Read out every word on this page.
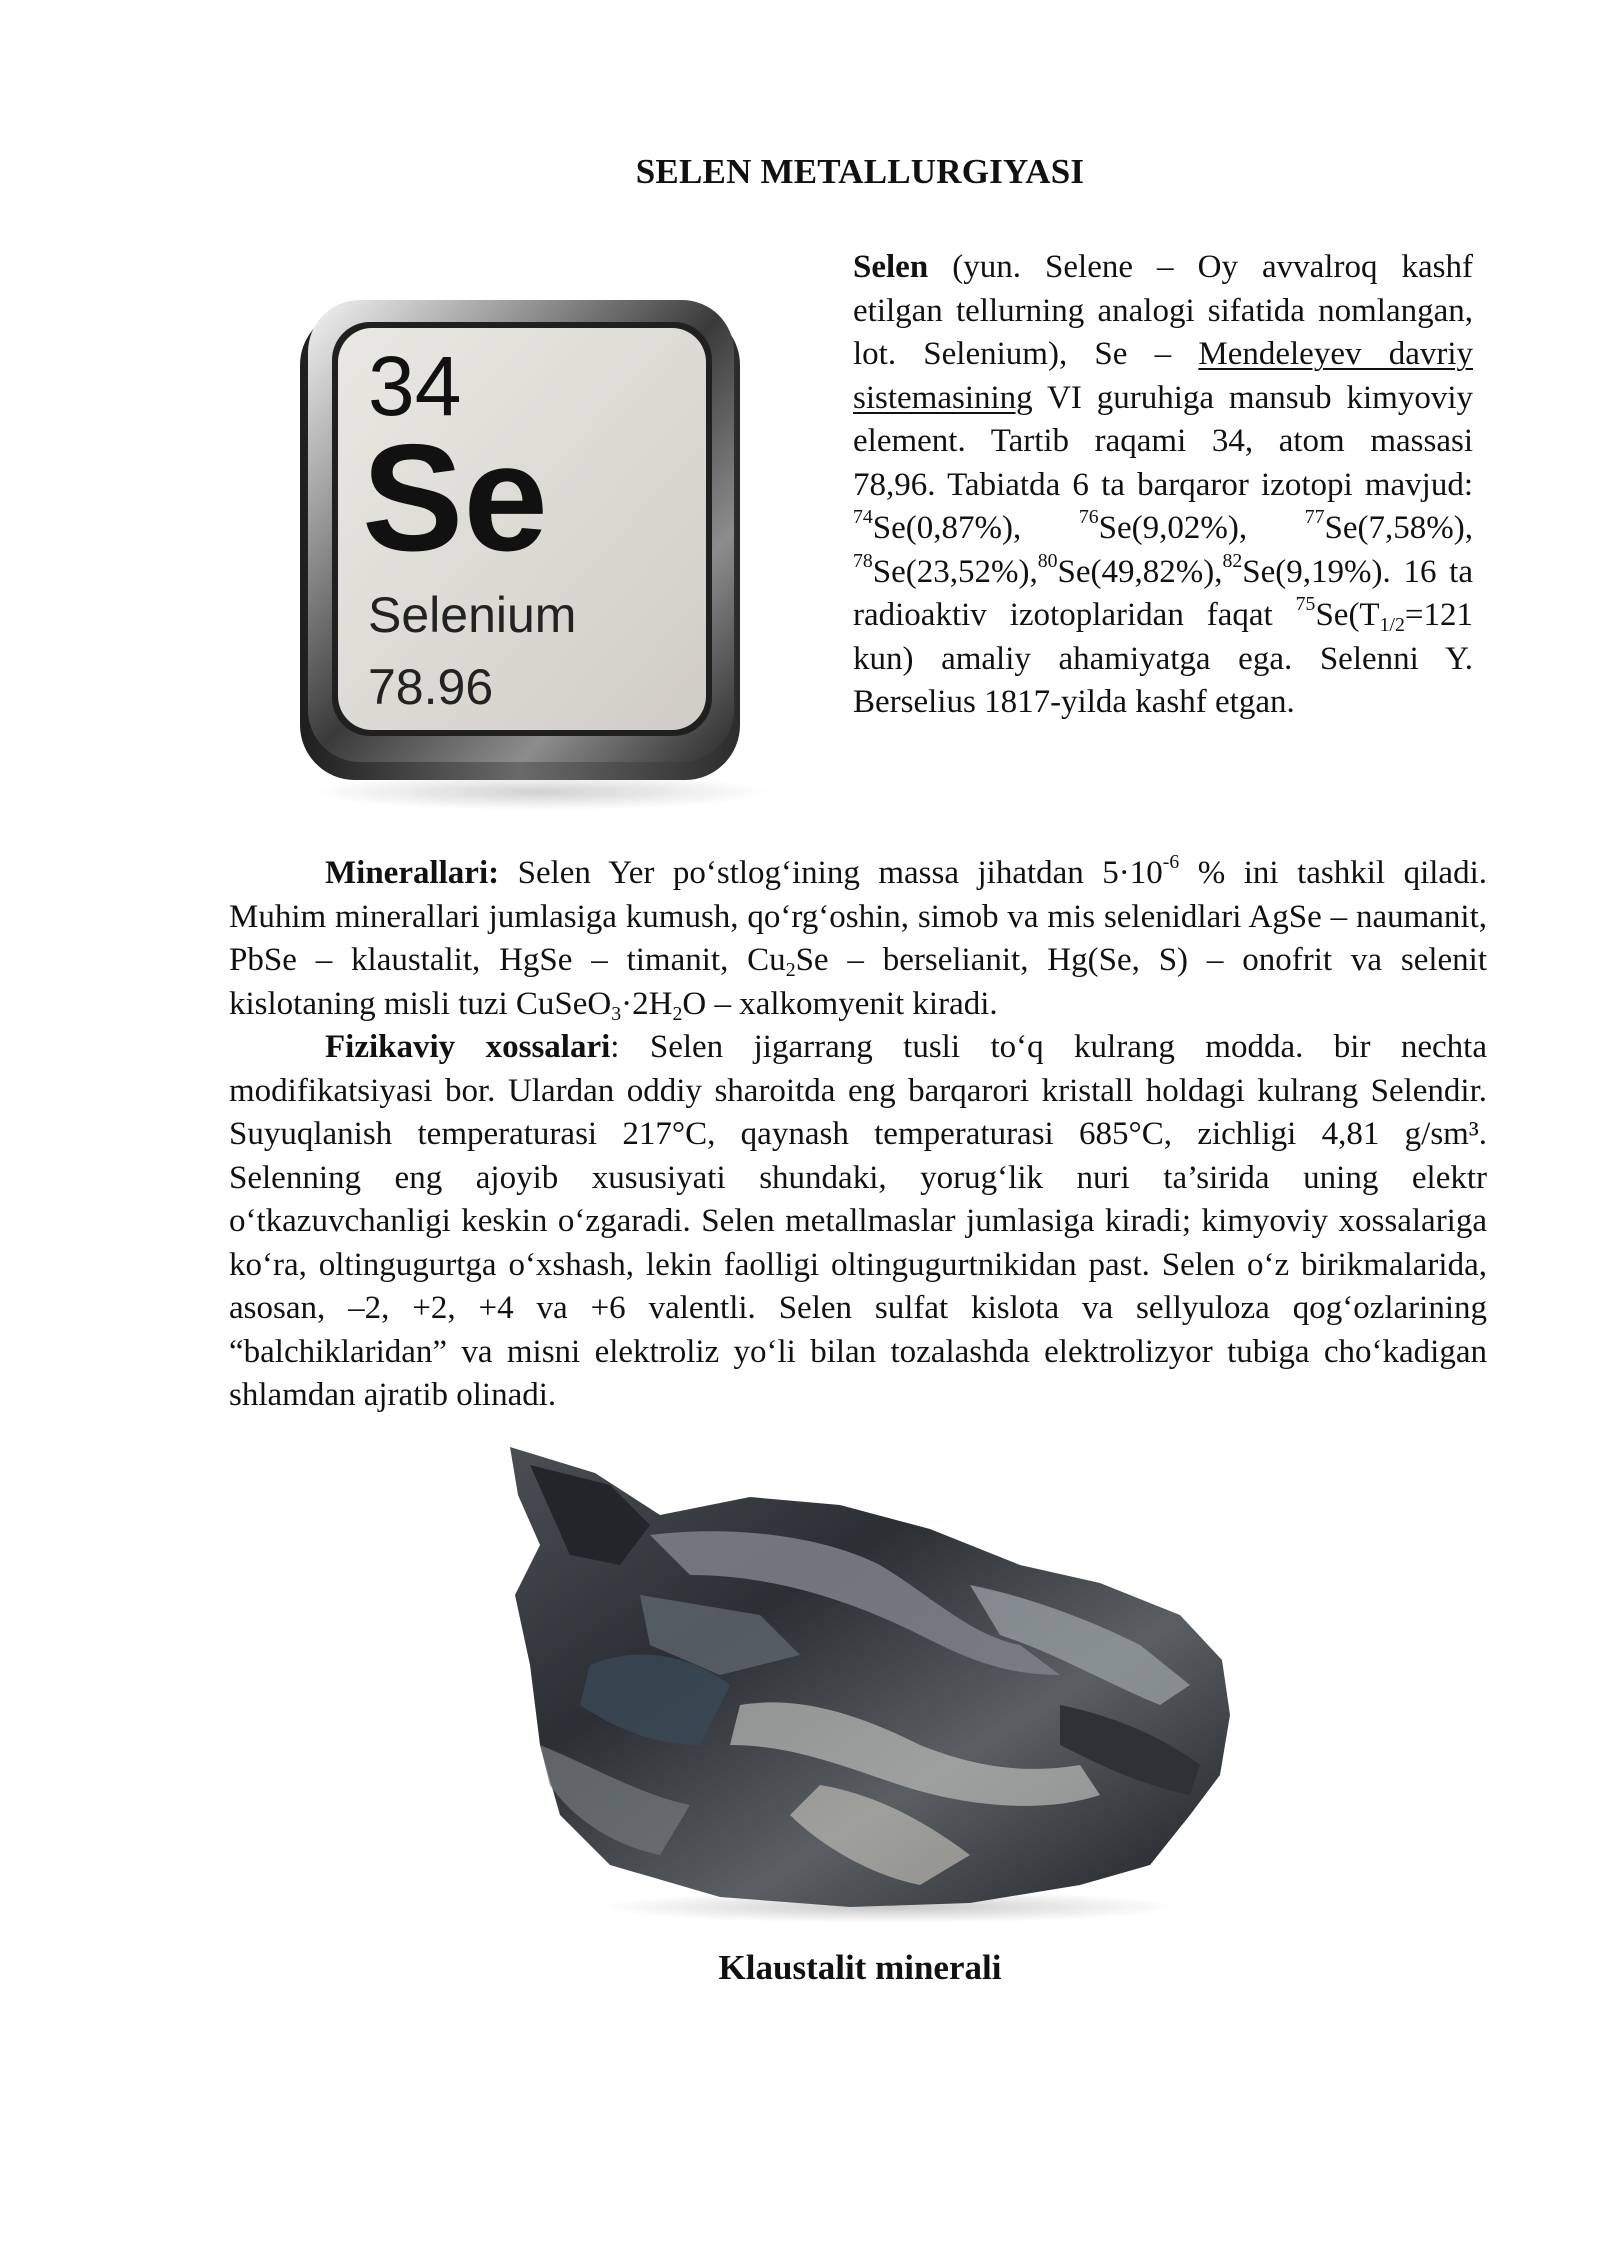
SELEN METALLURGIYASI
34
Se
Selenium
78.96
Selen (yun. Selene – Oy avvalroq kashf etilgan tellurning analogi sifatida nomlangan, lot. Selenium), Se – Mendeleyev davriy sistemasining VI guruhiga mansub kimyoviy element. Tartib raqami 34, atom massasi 78,96. Tabiatda 6 ta barqaror izotopi mavjud: $^{74}$Se(0,87%), $^{76}$Se(9,02%), $^{77}$Se(7,58%), $^{78}$Se(23,52%),$^{80}$Se(49,82%),$^{82}$Se(9,19%). 16 ta radioaktiv izotoplaridan faqat $^{75}Se(T_{1/2}=121$ kun) amaliy ahamiyatga ega. Selenni Y. Berselius 1817-yilda kashf etgan.

Minerallari: Selen Yer po‘stlog‘ining massa jihatdan $5\cdot 10^{-6}$ % ini tashkil qiladi. Muhim minerallari jumlasiga kumush, qo‘rg‘oshin, simob va mis selenidlari AgSe – naumanit, PbSe – klaustalit, HgSe – timanit, $Cu_2Se$ – berselianit, Hg(Se, S) – onofrit va selenit kislotaning misli tuzi $CuSeO_3\cdot 2H_2O$ – xalkomyenit kiradi.

Fizikaviy xossalari: Selen jigarrang tusli to‘q kulrang modda. bir nechta modifikatsiyasi bor. Ulardan oddiy sharoitda eng barqarori kristall holdagi kulrang Selendir. Suyuqlanish temperaturasi 217°C, qaynash temperaturasi 685°C, zichligi 4,81 g/sm³. Selenning eng ajoyib xususiyati shundaki, yorug‘lik nuri ta’sirida uning elektr o‘tkazuvchanligi keskin o‘zgaradi. Selen metallmaslar jumlasiga kiradi; kimyoviy xossalariga ko‘ra, oltingugurtga o‘xshash, lekin faolligi oltingugurtnikidan past. Selen o‘z birikmalarida, asosan, –2, +2, +4 va +6 valentli. Selen sulfat kislota va sellyuloza qog‘ozlarining “balchiklaridan” va misni elektroliz yo‘li bilan tozalashda elektrolizyor tubiga cho‘kadigan shlamdan ajratib olinadi.

Klaustalit minerali
